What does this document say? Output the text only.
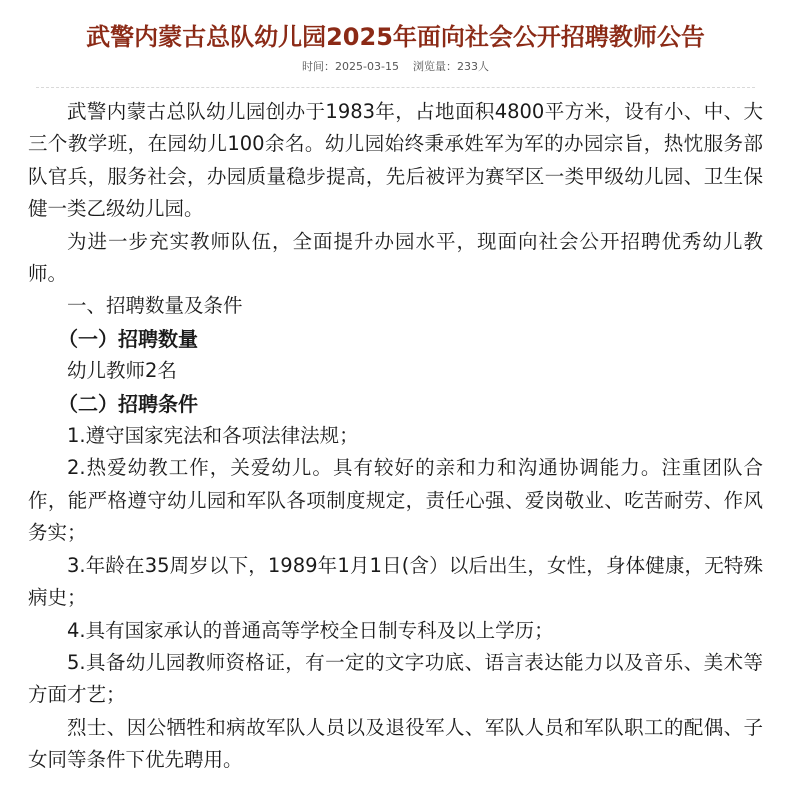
武警内蒙古总队幼儿园2025年面向社会公开招聘教师公告
时间：2025-03-15 浏览量：233人

武警内蒙古总队幼儿园创办于1983年，占地面积4800平方米，设有小、中、大三个教学班，在园幼儿100余名。幼儿园始终秉承姓军为军的办园宗旨，热忱服务部队官兵，服务社会，办园质量稳步提高，先后被评为赛罕区一类甲级幼儿园、卫生保健一类乙级幼儿园。

为进一步充实教师队伍，全面提升办园水平，现面向社会公开招聘优秀幼儿教师。

一、招聘数量及条件

（一）招聘数量

幼儿教师2名

（二）招聘条件

1.遵守国家宪法和各项法律法规；

2.热爱幼教工作，关爱幼儿。具有较好的亲和力和沟通协调能力。注重团队合作，能严格遵守幼儿园和军队各项制度规定，责任心强、爱岗敬业、吃苦耐劳、作风务实；

3.年龄在35周岁以下，1989年1月1日(含）以后出生，女性，身体健康，无特殊病史；

4.具有国家承认的普通高等学校全日制专科及以上学历；

5.具备幼儿园教师资格证，有一定的文字功底、语言表达能力以及音乐、美术等方面才艺；

烈士、因公牺牲和病故军队人员以及退役军人、军队人员和军队职工的配偶、子女同等条件下优先聘用。
